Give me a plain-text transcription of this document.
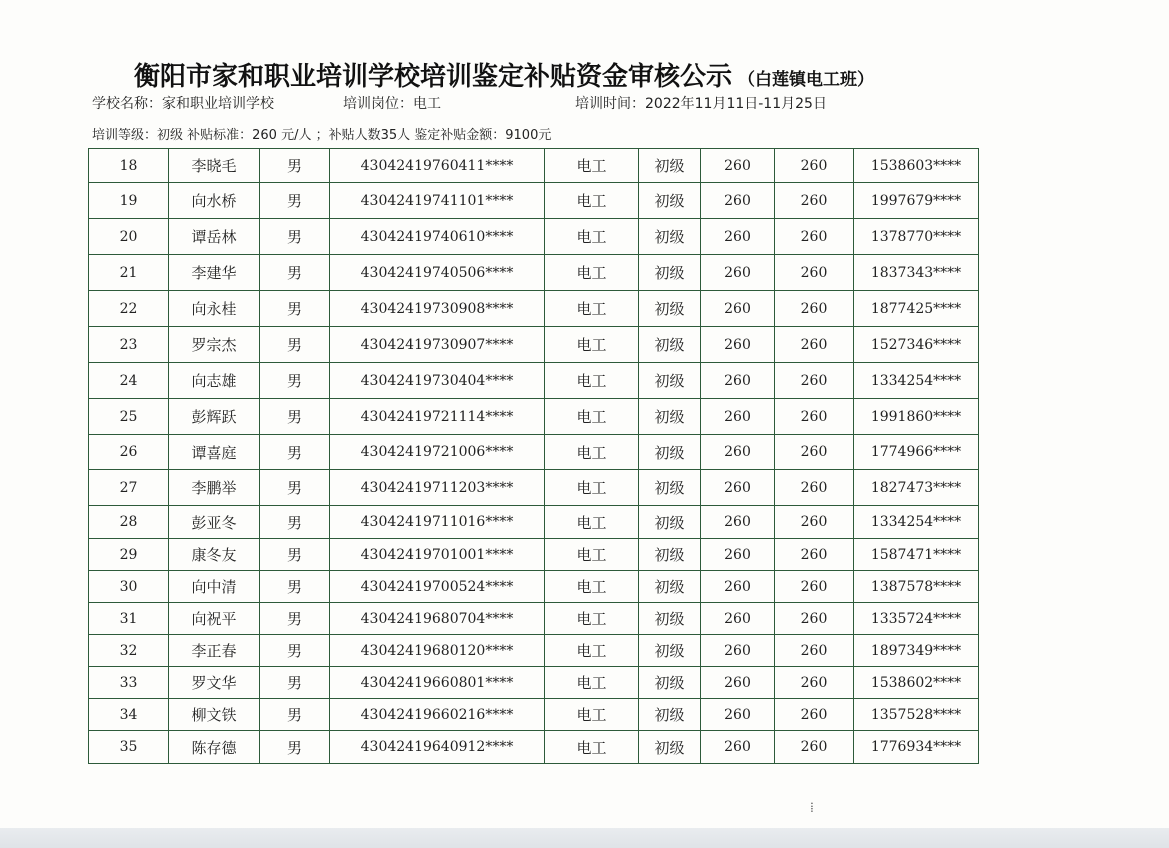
衡阳市家和职业培训学校培训鉴定补贴资金审核公示 （白莲镇电工班）
学校名称：家和职业培训学校	培训岗位：电工	培训时间：2022年11月11日-11月25日
培训等级：初级 补贴标准：260 元/人 ；补贴人数35人 鉴定补贴金额：9100元
18	李晓毛	男	43042419760411****	电工	初级	260	260	1538603****
19	向水桥	男	43042419741101****	电工	初级	260	260	1997679****
20	谭岳林	男	43042419740610****	电工	初级	260	260	1378770****
21	李建华	男	43042419740506****	电工	初级	260	260	1837343****
22	向永桂	男	43042419730908****	电工	初级	260	260	1877425****
23	罗宗杰	男	43042419730907****	电工	初级	260	260	1527346****
24	向志雄	男	43042419730404****	电工	初级	260	260	1334254****
25	彭辉跃	男	43042419721114****	电工	初级	260	260	1991860****
26	谭喜庭	男	43042419721006****	电工	初级	260	260	1774966****
27	李鹏举	男	43042419711203****	电工	初级	260	260	1827473****
28	彭亚冬	男	43042419711016****	电工	初级	260	260	1334254****
29	康冬友	男	43042419701001****	电工	初级	260	260	1587471****
30	向中清	男	43042419700524****	电工	初级	260	260	1387578****
31	向祝平	男	43042419680704****	电工	初级	260	260	1335724****
32	李正春	男	43042419680120****	电工	初级	260	260	1897349****
33	罗文华	男	43042419660801****	电工	初级	260	260	1538602****
34	柳文铁	男	43042419660216****	电工	初级	260	260	1357528****
35	陈存德	男	43042419640912****	电工	初级	260	260	1776934****
⁞
